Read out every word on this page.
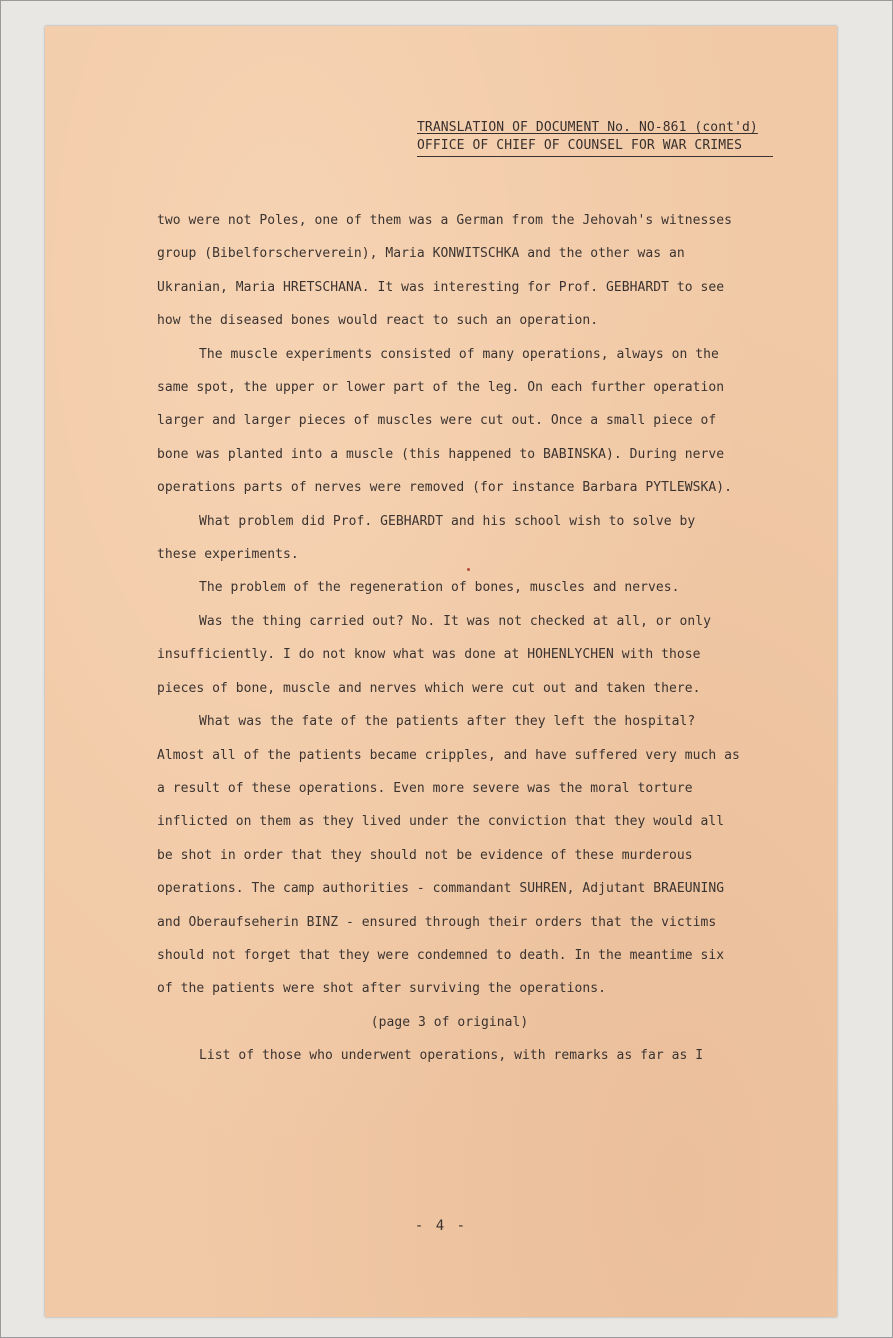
TRANSLATION OF DOCUMENT No. NO-861 (cont'd)
OFFICE OF CHIEF OF COUNSEL FOR WAR CRIMES

two were not Poles, one of them was a German from the Jehovah's witnesses group (Bibelforscherverein), Maria KONWITSCHKA and the other was an Ukranian, Maria HRETSCHANA. It was interesting for Prof. GEBHARDT to see how the diseased bones would react to such an operation.

The muscle experiments consisted of many operations, always on the same spot, the upper or lower part of the leg. On each further operation larger and larger pieces of muscles were cut out. Once a small piece of bone was planted into a muscle (this happened to BABINSKA). During nerve operations parts of nerves were removed (for instance Barbara PYTLEWSKA).

What problem did Prof. GEBHARDT and his school wish to solve by these experiments.

The problem of the regeneration of bones, muscles and nerves.

Was the thing carried out? No. It was not checked at all, or only insufficiently. I do not know what was done at HOHENLYCHEN with those pieces of bone, muscle and nerves which were cut out and taken there.

What was the fate of the patients after they left the hospital? Almost all of the patients became cripples, and have suffered very much as a result of these operations. Even more severe was the moral torture inflicted on them as they lived under the conviction that they would all be shot in order that they should not be evidence of these murderous operations. The camp authorities - commandant SUHREN, Adjutant BRAEUNING and Oberaufseherin BINZ - ensured through their orders that the victims should not forget that they were condemned to death. In the meantime six of the patients were shot after surviving the operations.

(page 3 of original)

List of those who underwent operations, with remarks as far as I

- 4 -
